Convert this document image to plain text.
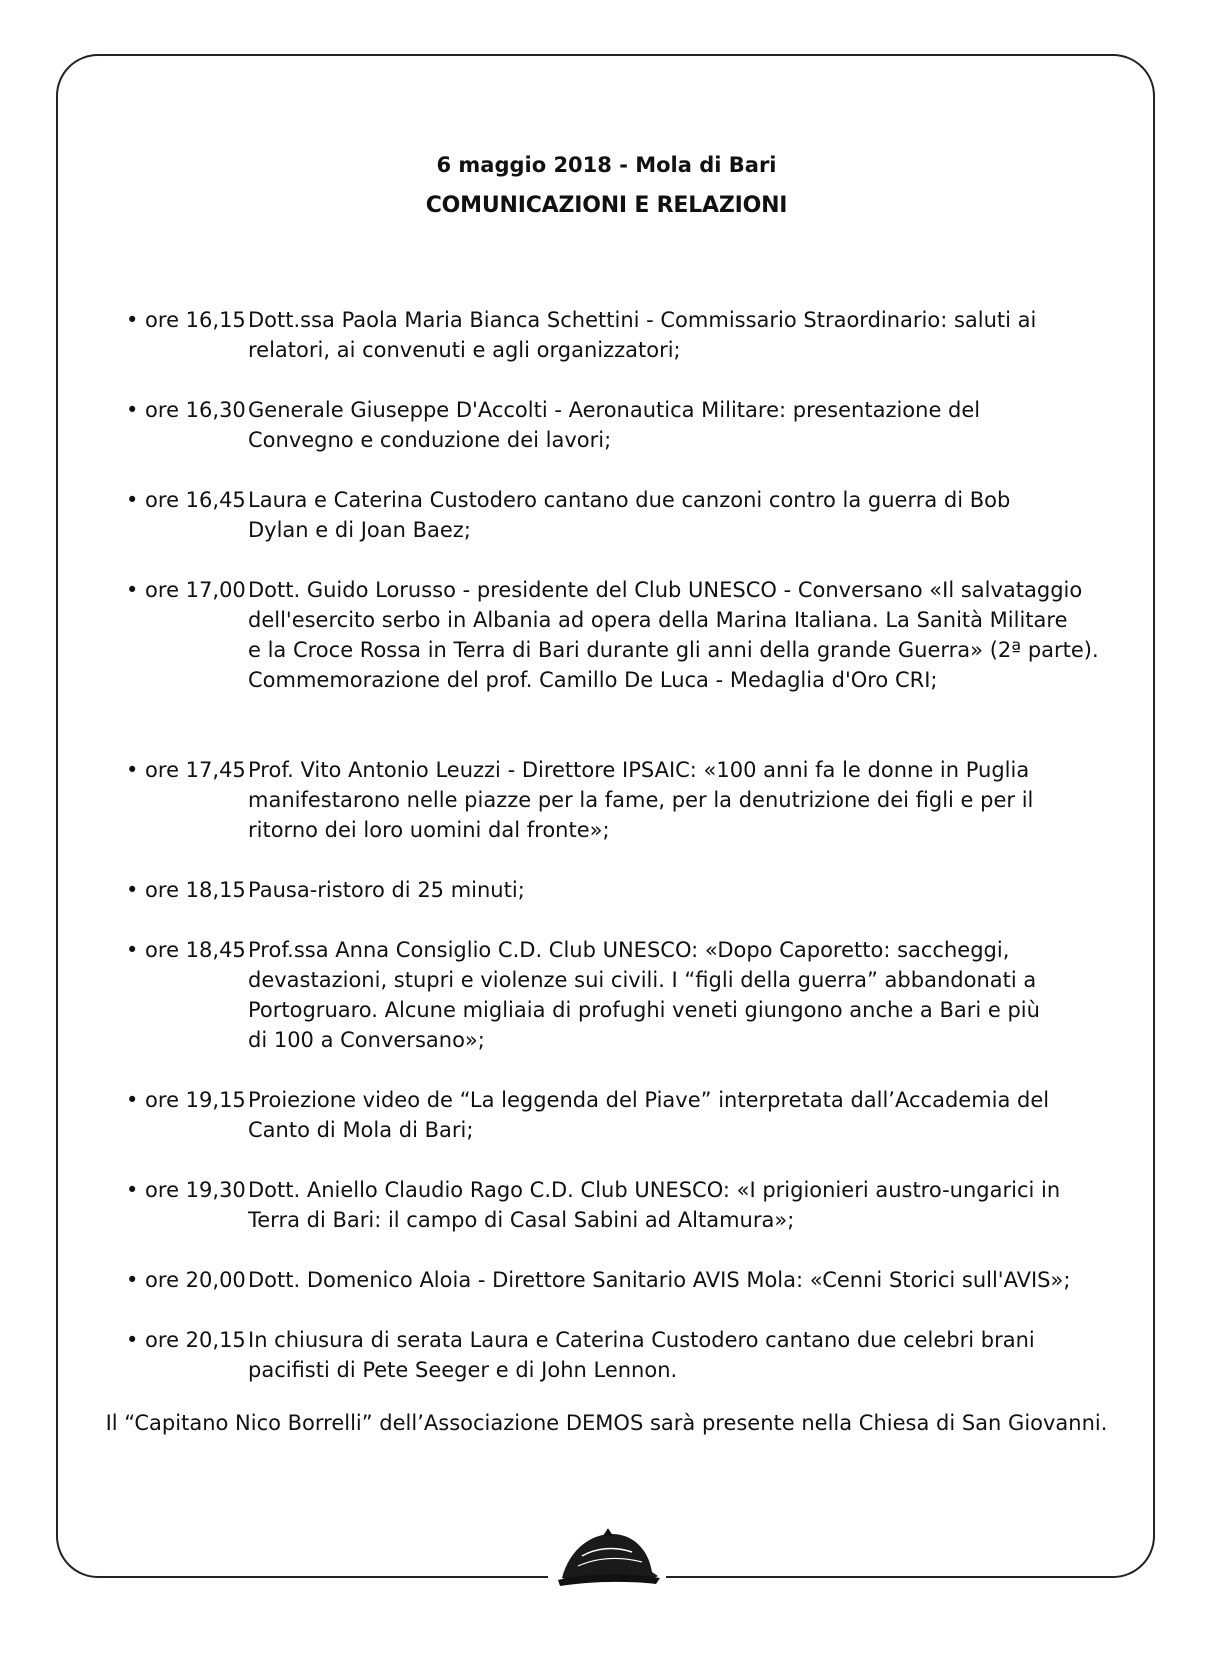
6 maggio 2018 - Mola di Bari
COMUNICAZIONI E RELAZIONI
• ore 16,15 Dott.ssa Paola Maria Bianca Schettini - Commissario Straordinario: saluti ai
relatori, ai convenuti e agli organizzatori;
• ore 16,30 Generale Giuseppe D'Accolti - Aeronautica Militare: presentazione del
Convegno e conduzione dei lavori;
• ore 16,45 Laura e Caterina Custodero cantano due canzoni contro la guerra di Bob
Dylan e di Joan Baez;
• ore 17,00 Dott. Guido Lorusso - presidente del Club UNESCO - Conversano «Il salvataggio
dell'esercito serbo in Albania ad opera della Marina Italiana. La Sanità Militare
e la Croce Rossa in Terra di Bari durante gli anni della grande Guerra» (2ª parte).
Commemorazione del prof. Camillo De Luca - Medaglia d'Oro CRI;
• ore 17,45 Prof. Vito Antonio Leuzzi - Direttore IPSAIC: «100 anni fa le donne in Puglia
manifestarono nelle piazze per la fame, per la denutrizione dei figli e per il
ritorno dei loro uomini dal fronte»;
• ore 18,15 Pausa-ristoro di 25 minuti;
• ore 18,45 Prof.ssa Anna Consiglio C.D. Club UNESCO: «Dopo Caporetto: saccheggi,
devastazioni, stupri e violenze sui civili. I “figli della guerra” abbandonati a
Portogruaro. Alcune migliaia di profughi veneti giungono anche a Bari e più
di 100 a Conversano»;
• ore 19,15 Proiezione video de “La leggenda del Piave” interpretata dall’Accademia del
Canto di Mola di Bari;
• ore 19,30 Dott. Aniello Claudio Rago C.D. Club UNESCO: «I prigionieri austro-ungarici in
Terra di Bari: il campo di Casal Sabini ad Altamura»;
• ore 20,00 Dott. Domenico Aloia - Direttore Sanitario AVIS Mola: «Cenni Storici sull'AVIS»;
• ore 20,15 In chiusura di serata Laura e Caterina Custodero cantano due celebri brani
pacifisti di Pete Seeger e di John Lennon.
Il “Capitano Nico Borrelli” dell’Associazione DEMOS sarà presente nella Chiesa di San Giovanni.
